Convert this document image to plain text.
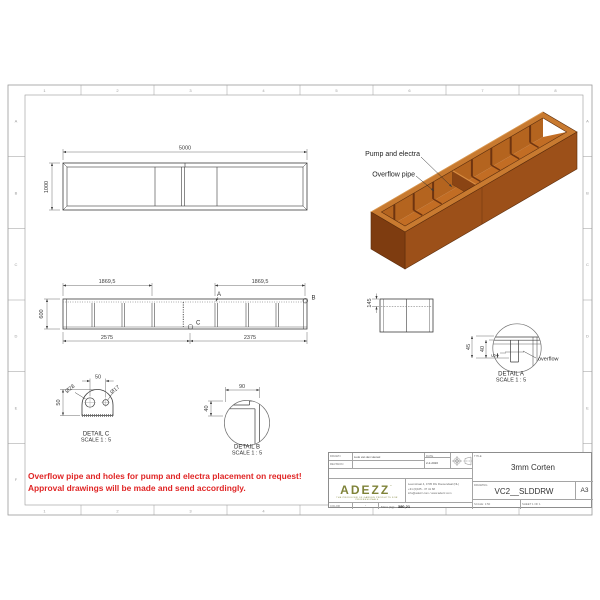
1	2	3	4	5	6	7	8
1	2	3	4
A
B
C
D
E
F
A
B
C
D
E
5000
1000
Pump and electra
Overflow pipe
1869,5	1869,5
600
2575	2375
A
B
C
145
45 40
5
overflow
DETAIL A
SCALE 1 : 5
90
40
DETAIL B
SCALE 1 : 5
50
Ø28	Ø17
50
DETAIL C
SCALE 1 : 5
Overflow pipe and holes for pump and electra placement on request!
Approval drawings will be made and send accordingly.
DRAWN	Luuk van den Heuvel	DATE
2-2-2020
REVISION
ADEZZ´
THE PRODUCER OF GARDEN PRODUCTS FOR PROFESSIONALS
Leemstraat 4, 4705 RG Roosendaal (NL)
+31 (0)165 - 37 41 68
info@adezz.com / www.adezz.com
COLOR	-	Mass (kg): 380,21
TITLE
3mm Corten
DRAWING
VC2__SLDDRW	A3
SCALE: 1:50	SHEET 1 OF 1
